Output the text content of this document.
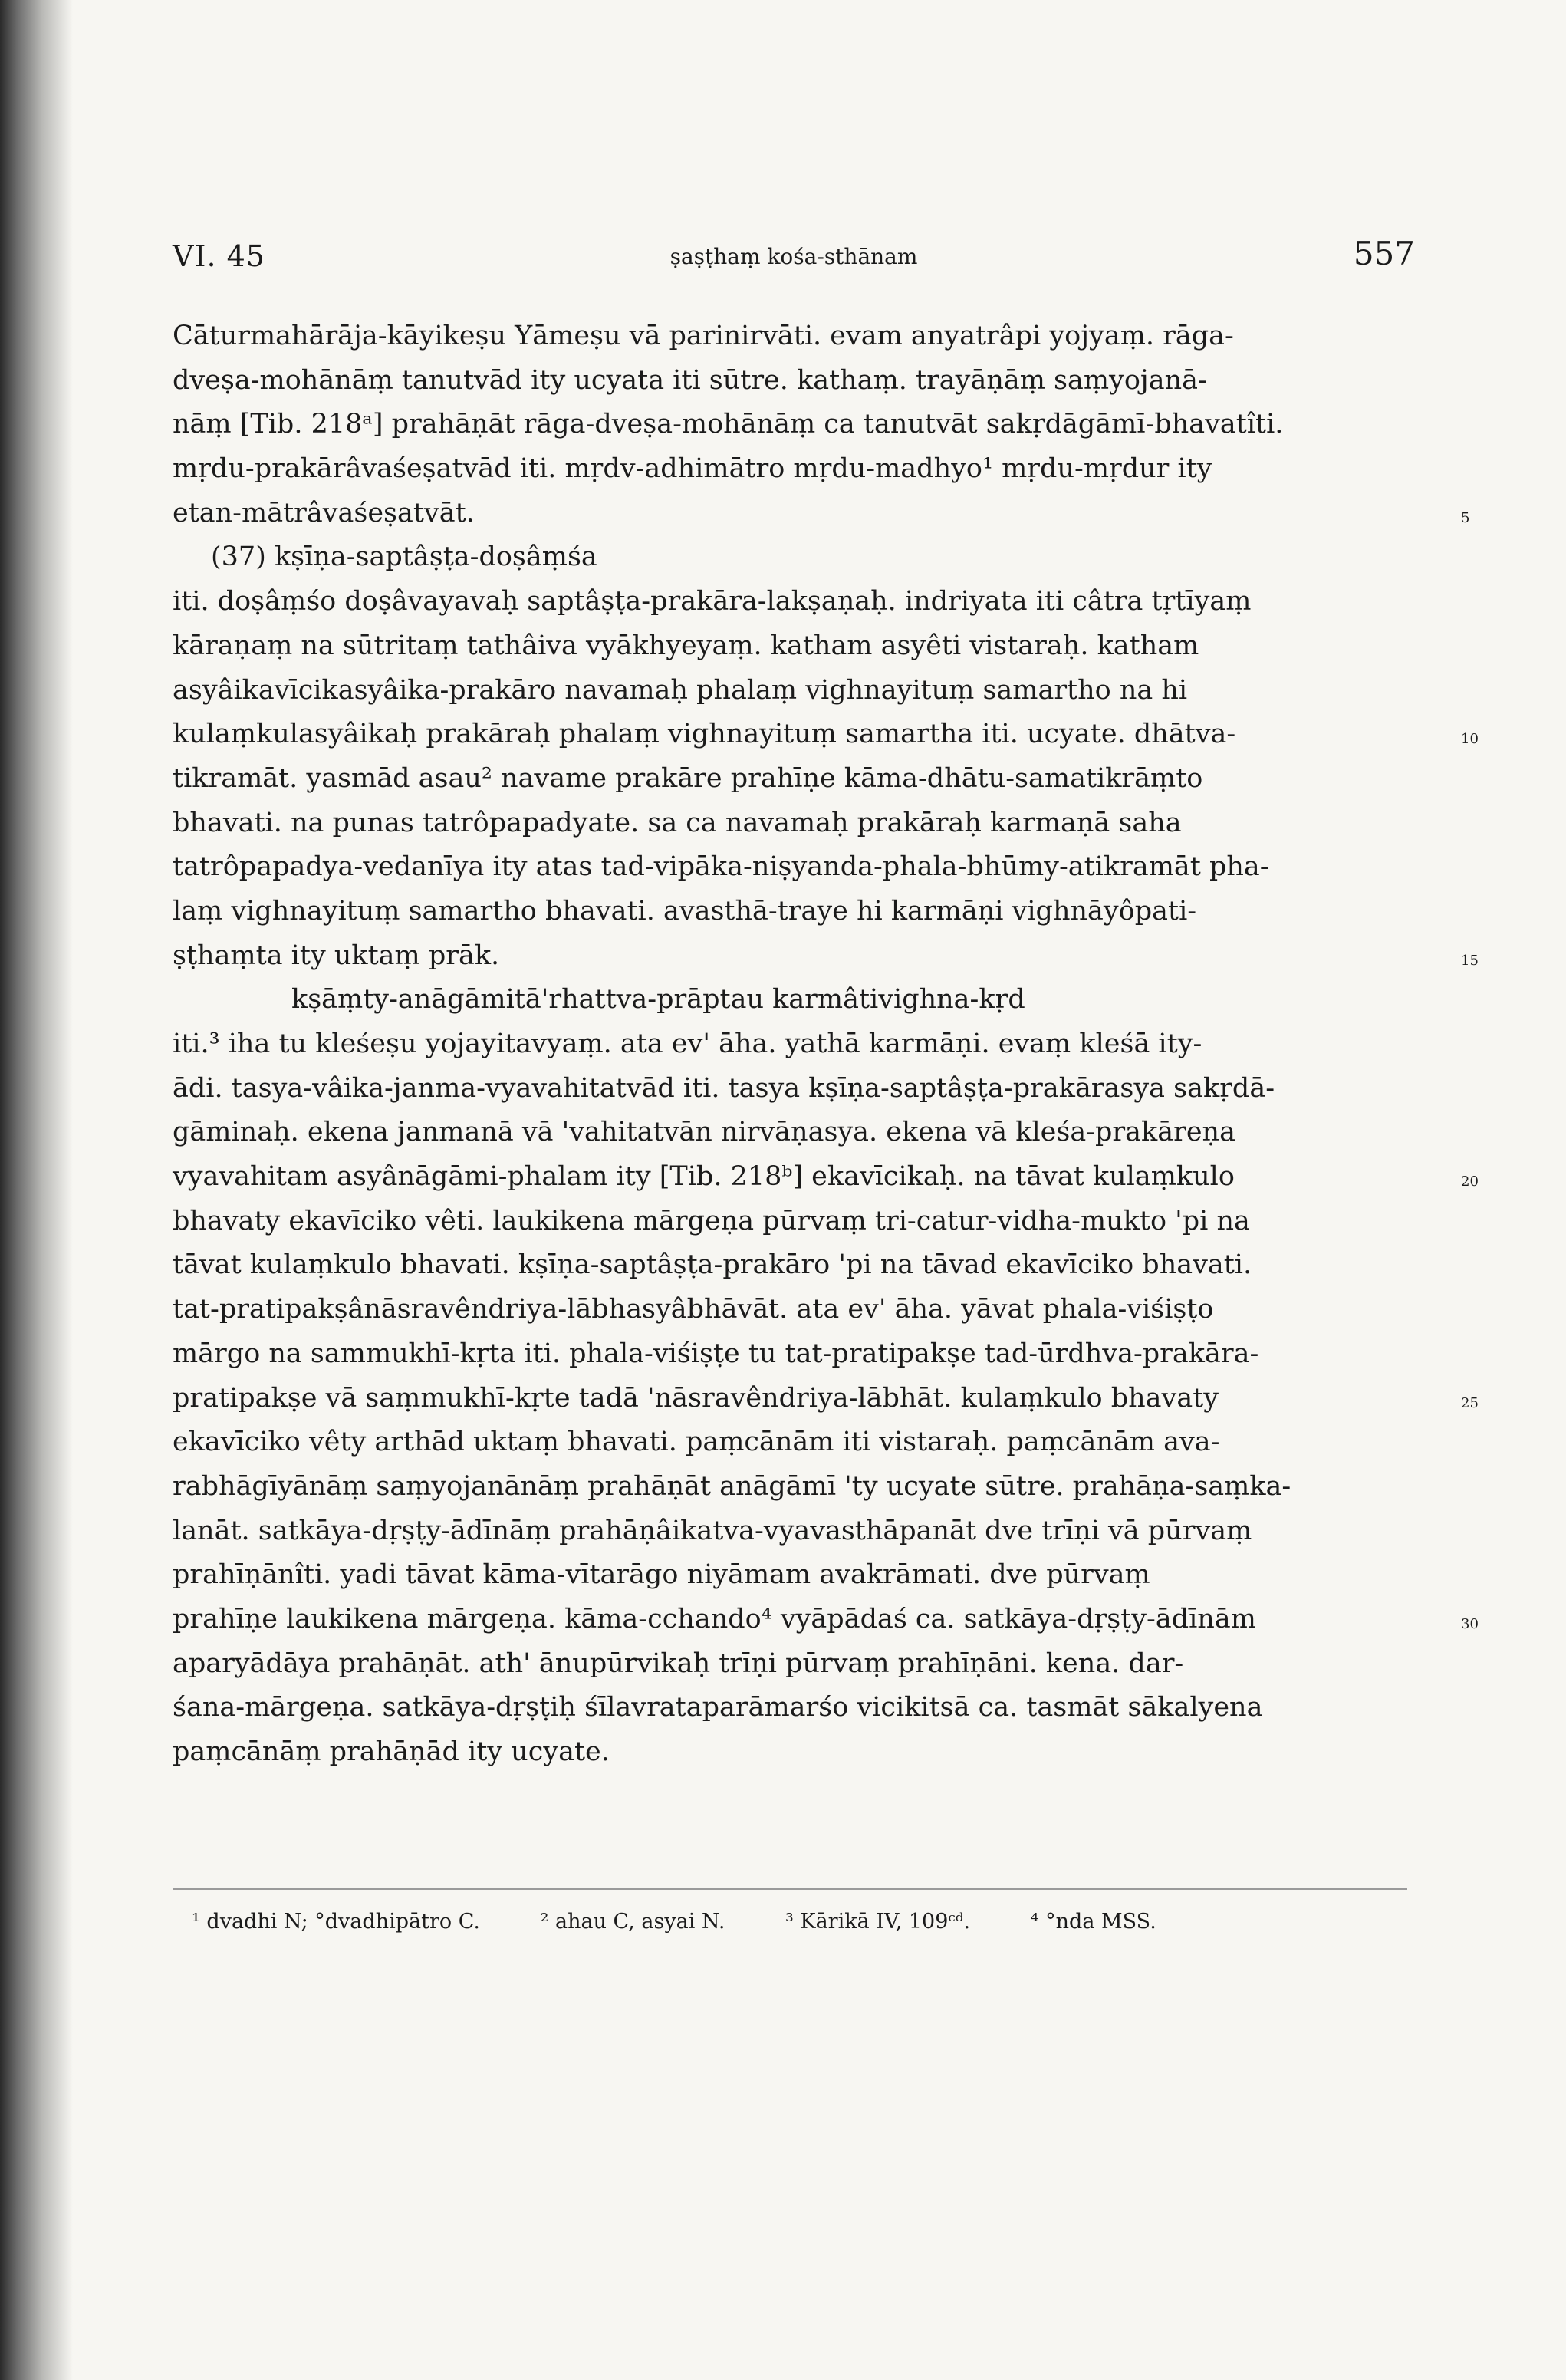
VI. 45	ṣaṣṭhaṃ kośa-sthānam	557
Cāturmahārāja-kāyikeṣu Yāmeṣu vā parinirvāti. evam anyatrâpi yojyaṃ. rāga-
dveṣa-mohānāṃ tanutvād ity ucyata iti sūtre. kathaṃ. trayāṇāṃ saṃyojanā-
nāṃ [Tib. 218ᵃ] prahāṇāt rāga-dveṣa-mohānāṃ ca tanutvāt sakṛdāgāmī-bhavatîti.
mṛdu-prakārâvaśeṣatvād iti. mṛdv-adhimātro mṛdu-madhyo¹ mṛdu-mṛdur ity
etan-mātrâvaśeṣatvāt.	5
(37) kṣīṇa-saptâṣṭa-doṣâṃśa
iti. doṣâṃśo doṣâvayavaḥ saptâṣṭa-prakāra-lakṣaṇaḥ. indriyata iti câtra tṛtīyaṃ
kāraṇaṃ na sūtritaṃ tathâiva vyākhyeyaṃ. katham asyêti vistaraḥ. katham
asyâikavīcikasyâika-prakāro navamaḥ phalaṃ vighnayituṃ samartho na hi
kulaṃkulasyâikaḥ prakāraḥ phalaṃ vighnayituṃ samartha iti. ucyate. dhātva-	10
tikramāt. yasmād asau² navame prakāre prahīṇe kāma-dhātu-samatikrāṃto
bhavati. na punas tatrôpapadyate. sa ca navamaḥ prakāraḥ karmaṇā saha
tatrôpapadya-vedanīya ity atas tad-vipāka-niṣyanda-phala-bhūmy-atikramāt pha-
laṃ vighnayituṃ samartho bhavati. avasthā-traye hi karmāṇi vighnāyôpati-
ṣṭhaṃta ity uktaṃ prāk.	15
kṣāṃty-anāgāmitā'rhattva-prāptau karmâtivighna-kṛd
iti.³ iha tu kleśeṣu yojayitavyaṃ. ata ev' āha. yathā karmāṇi. evaṃ kleśā ity-
ādi. tasya-vâika-janma-vyavahitatvād iti. tasya kṣīṇa-saptâṣṭa-prakārasya sakṛdā-
gāminaḥ. ekena janmanā vā 'vahitatvān nirvāṇasya. ekena vā kleśa-prakāreṇa
vyavahitam asyânāgāmi-phalam ity [Tib. 218ᵇ] ekavīcikaḥ. na tāvat kulaṃkulo	20
bhavaty ekavīciko vêti. laukikena mārgeṇa pūrvaṃ tri-catur-vidha-mukto 'pi na
tāvat kulaṃkulo bhavati. kṣīṇa-saptâṣṭa-prakāro 'pi na tāvad ekavīciko bhavati.
tat-pratipakṣânāsravêndriya-lābhasyâbhāvāt. ata ev' āha. yāvat phala-viśiṣṭo
mārgo na sammukhī-kṛta iti. phala-viśiṣṭe tu tat-pratipakṣe tad-ūrdhva-prakāra-
pratipakṣe vā saṃmukhī-kṛte tadā 'nāsravêndriya-lābhāt. kulaṃkulo bhavaty	25
ekavīciko vêty arthād uktaṃ bhavati. paṃcānām iti vistaraḥ. paṃcānām ava-
rabhāgīyānāṃ saṃyojanānāṃ prahāṇāt anāgāmī 'ty ucyate sūtre. prahāṇa-saṃka-
lanāt. satkāya-dṛṣṭy-ādīnāṃ prahāṇâikatva-vyavasthāpanāt dve trīṇi vā pūrvaṃ
prahīṇānîti. yadi tāvat kāma-vītarāgo niyāmam avakrāmati. dve pūrvaṃ
prahīṇe laukikena mārgeṇa. kāma-cchando⁴ vyāpādaś ca. satkāya-dṛṣṭy-ādīnām	30
aparyādāya prahāṇāt. ath' ānupūrvikaḥ trīṇi pūrvaṃ prahīṇāni. kena. dar-
śana-mārgeṇa. satkāya-dṛṣṭiḥ śīlavrataparāmarśo vicikitsā ca. tasmāt sākalyena
paṃcānāṃ prahāṇād ity ucyate.
¹ dvadhi N; °dvadhipātro C.	² ahau C, asyai N.	³ Kārikā IV, 109ᶜᵈ.	⁴ °nda MSS.
